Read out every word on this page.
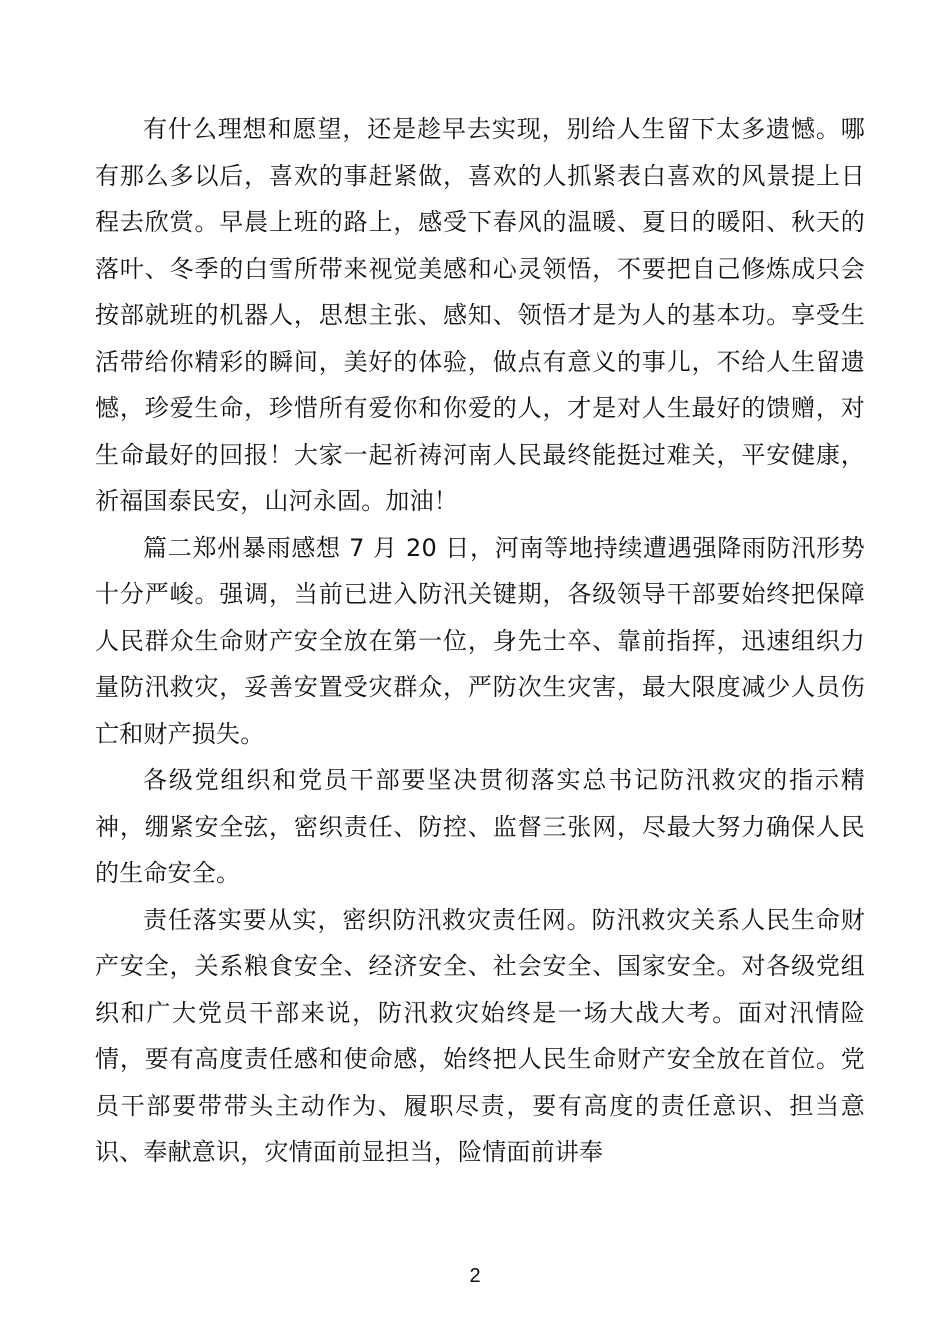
有什么理想和愿望，还是趁早去实现，别给人生留下太多遗憾。哪有那么多以后，喜欢的事赶紧做，喜欢的人抓紧表白喜欢的风景提上日程去欣赏。早晨上班的路上，感受下春风的温暖、夏日的暖阳、秋天的落叶、冬季的白雪所带来视觉美感和心灵领悟，不要把自己修炼成只会按部就班的机器人，思想主张、感知、领悟才是为人的基本功。享受生活带给你精彩的瞬间，美好的体验，做点有意义的事儿，不给人生留遗憾，珍爱生命，珍惜所有爱你和你爱的人，才是对人生最好的馈赠，对生命最好的回报！大家一起祈祷河南人民最终能挺过难关，平安健康，祈福国泰民安，山河永固。加油！

篇二郑州暴雨感想 7 月 20 日，河南等地持续遭遇强降雨防汛形势十分严峻。强调，当前已进入防汛关键期，各级领导干部要始终把保障人民群众生命财产安全放在第一位，身先士卒、靠前指挥，迅速组织力量防汛救灾，妥善安置受灾群众，严防次生灾害，最大限度减少人员伤亡和财产损失。

各级党组织和党员干部要坚决贯彻落实总书记防汛救灾的指示精神，绷紧安全弦，密织责任、防控、监督三张网，尽最大努力确保人民的生命安全。

责任落实要从实，密织防汛救灾责任网。防汛救灾关系人民生命财产安全，关系粮食安全、经济安全、社会安全、国家安全。对各级党组织和广大党员干部来说，防汛救灾始终是一场大战大考。面对汛情险情，要有高度责任感和使命感，始终把人民生命财产安全放在首位。党员干部要带带头主动作为、履职尽责，要有高度的责任意识、担当意识、奉献意识，灾情面前显担当，险情面前讲奉

2
